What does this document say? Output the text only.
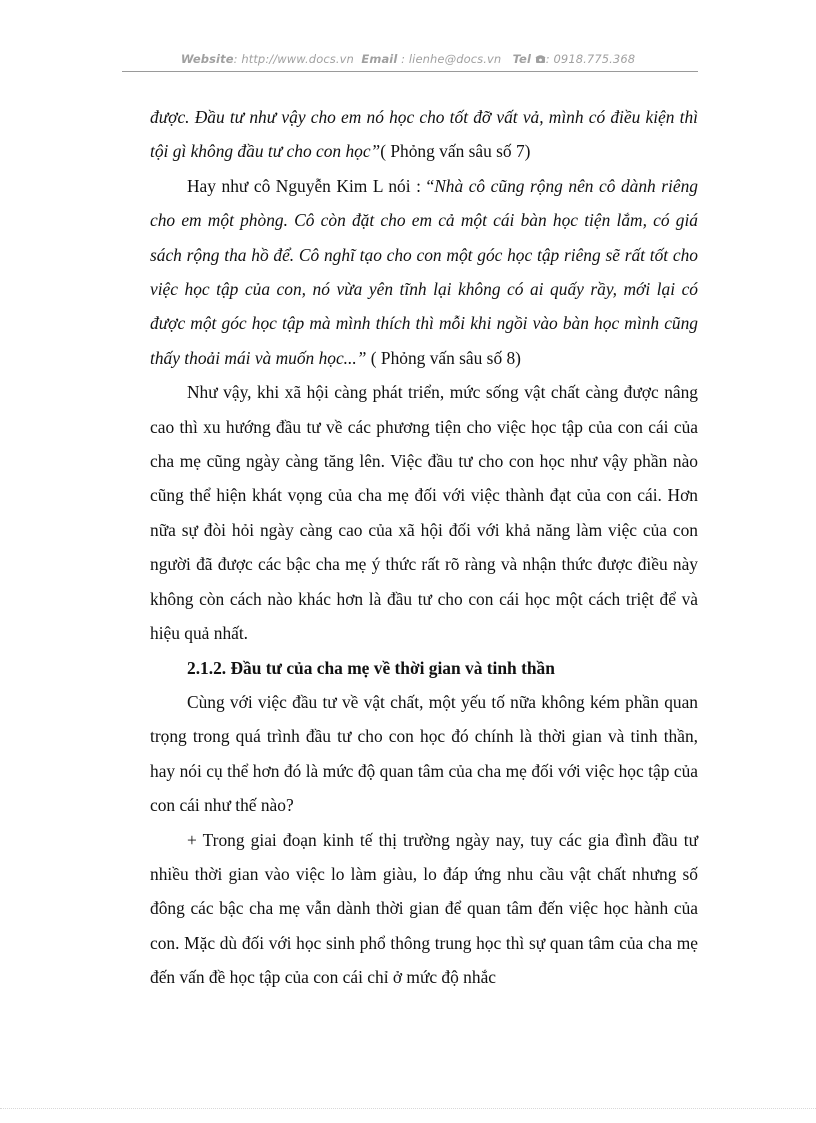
Website: http://www.docs.vn Email : lienhe@docs.vn Tel : 0918.775.368

được. Đầu tư như vậy cho em nó học cho tốt đỡ vất vả, mình có điều kiện thì tội gì không đầu tư cho con học”( Phỏng vấn sâu số 7)

Hay như cô Nguyễn Kim L nói : “Nhà cô cũng rộng nên cô dành riêng cho em một phòng. Cô còn đặt cho em cả một cái bàn học tiện lắm, có giá sách rộng tha hồ để. Cô nghĩ tạo cho con một góc học tập riêng sẽ rất tốt cho việc học tập của con, nó vừa yên tĩnh lại không có ai quấy rầy, mới lại có được một góc học tập mà mình thích thì mỗi khi ngồi vào bàn học mình cũng thấy thoải mái và muốn học...” ( Phỏng vấn sâu số 8)

Như vậy, khi xã hội càng phát triển, mức sống vật chất càng được nâng cao thì xu hướng đầu tư về các phương tiện cho việc học tập của con cái của cha mẹ cũng ngày càng tăng lên. Việc đầu tư cho con học như vậy phần nào cũng thể hiện khát vọng của cha mẹ đối với việc thành đạt của con cái. Hơn nữa sự đòi hỏi ngày càng cao của xã hội đối với khả năng làm việc của con người đã được các bậc cha mẹ ý thức rất rõ ràng và nhận thức được điều này không còn cách nào khác hơn là đầu tư cho con cái học một cách triệt để và hiệu quả nhất.

2.1.2. Đầu tư của cha mẹ về thời gian và tinh thần

Cùng với việc đầu tư về vật chất, một yếu tố nữa không kém phần quan trọng trong quá trình đầu tư cho con học đó chính là thời gian và tinh thần, hay nói cụ thể hơn đó là mức độ quan tâm của cha mẹ đối với việc học tập của con cái như thế nào?

+ Trong giai đoạn kinh tế thị trường ngày nay, tuy các gia đình đầu tư nhiều thời gian vào việc lo làm giàu, lo đáp ứng nhu cầu vật chất nhưng số đông các bậc cha mẹ vẫn dành thời gian để quan tâm đến việc học hành của con. Mặc dù đối với học sinh phổ thông trung học thì sự quan tâm của cha mẹ đến vấn đề học tập của con cái chỉ ở mức độ nhắc
